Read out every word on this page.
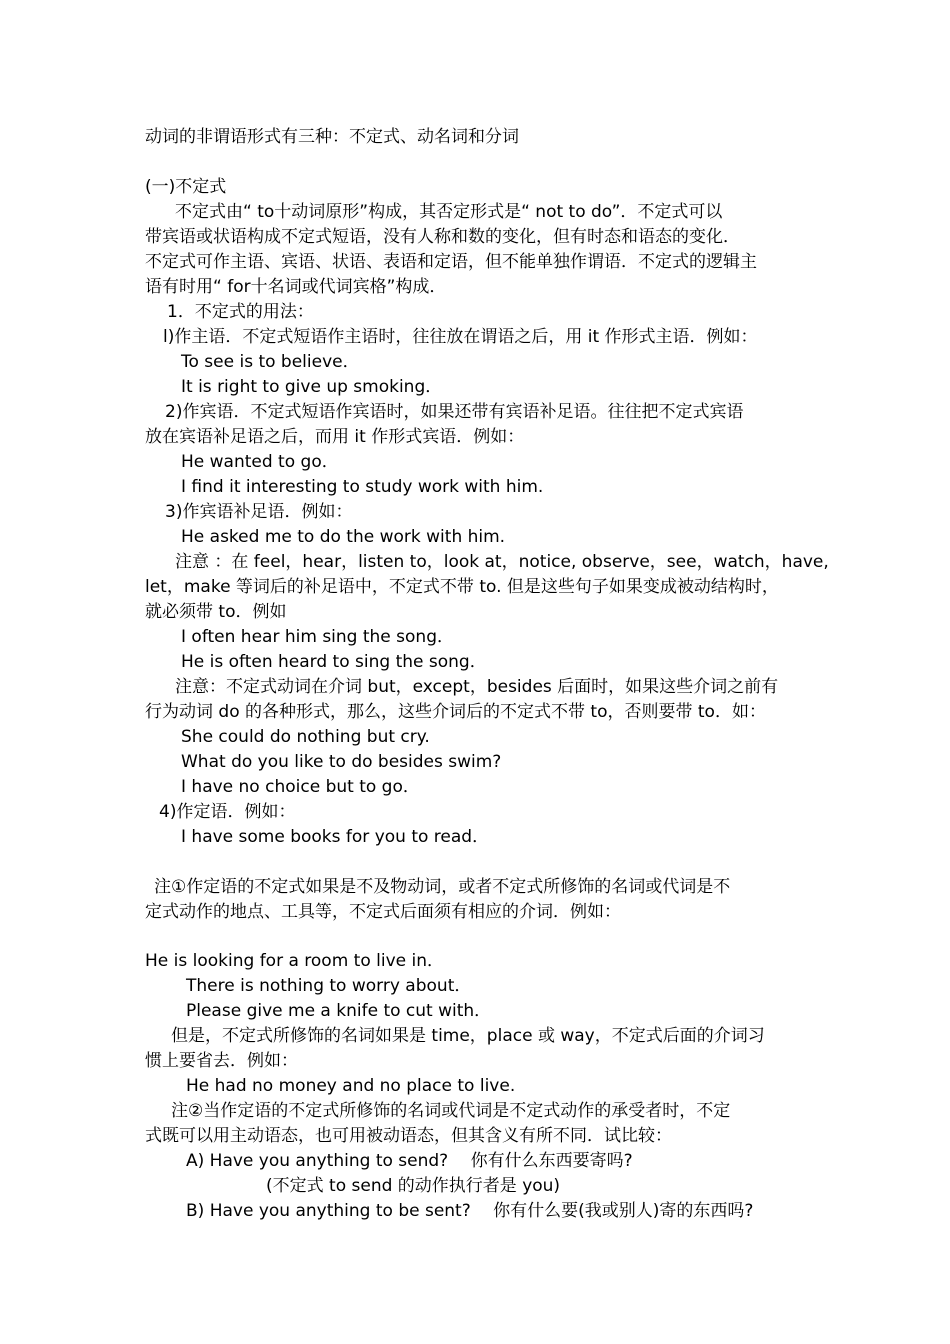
动词的非谓语形式有三种：不定式、动名词和分词
(一)不定式
不定式由“ to十动词原形”构成，其否定形式是“ not to do”．不定式可以
带宾语或状语构成不定式短语，没有人称和数的变化，但有时态和语态的变化．
不定式可作主语、宾语、状语、表语和定语，但不能单独作谓语．不定式的逻辑主
语有时用“ for十名词或代词宾格”构成．
1．不定式的用法：
l)作主语．不定式短语作主语时，往往放在谓语之后，用 it 作形式主语．例如：
To see is to believe．
It is right to give up smoking．
2)作宾语．不定式短语作宾语时，如果还带有宾语补足语。往往把不定式宾语
放在宾语补足语之后，而用 it 作形式宾语．例如：
He wanted to go．
I find it interesting to study work with him.
3)作宾语补足语．例如：
He asked me to do the work with him.
注意 ：在 feel，hear，listen to，look at，notice, observe，see，watch，have,
let，make 等词后的补足语中，不定式不带 to. 但是这些句子如果变成被动结构时，
就必须带 to．例如
I often hear him sing the song．
He is often heard to sing the song．
注意：不定式动词在介词 but，except，besides 后面时，如果这些介词之前有
行为动词 do 的各种形式，那么，这些介词后的不定式不带 to，否则要带 to．如：
She could do nothing but cry.
What do you like to do besides swim?
I have no choice but to go．
4)作定语．例如：
I have some books for you to read．
注①作定语的不定式如果是不及物动词，或者不定式所修饰的名词或代词是不
定式动作的地点、工具等，不定式后面须有相应的介词．例如：
He is looking for a room to live in．
There is nothing to worry about．
Please give me a knife to cut with．
但是，不定式所修饰的名词如果是 time，place 或 way，不定式后面的介词习
惯上要省去．例如：
He had no money and no place to live.
注②当作定语的不定式所修饰的名词或代词是不定式动作的承受者时，不定
式既可以用主动语态，也可用被动语态，但其含义有所不同．试比较：
A) Have you anything to send?　 你有什么东西要寄吗?
(不定式 to send 的动作执行者是 you)
B) Have you anything to be sent?　 你有什么要(我或别人)寄的东西吗?
